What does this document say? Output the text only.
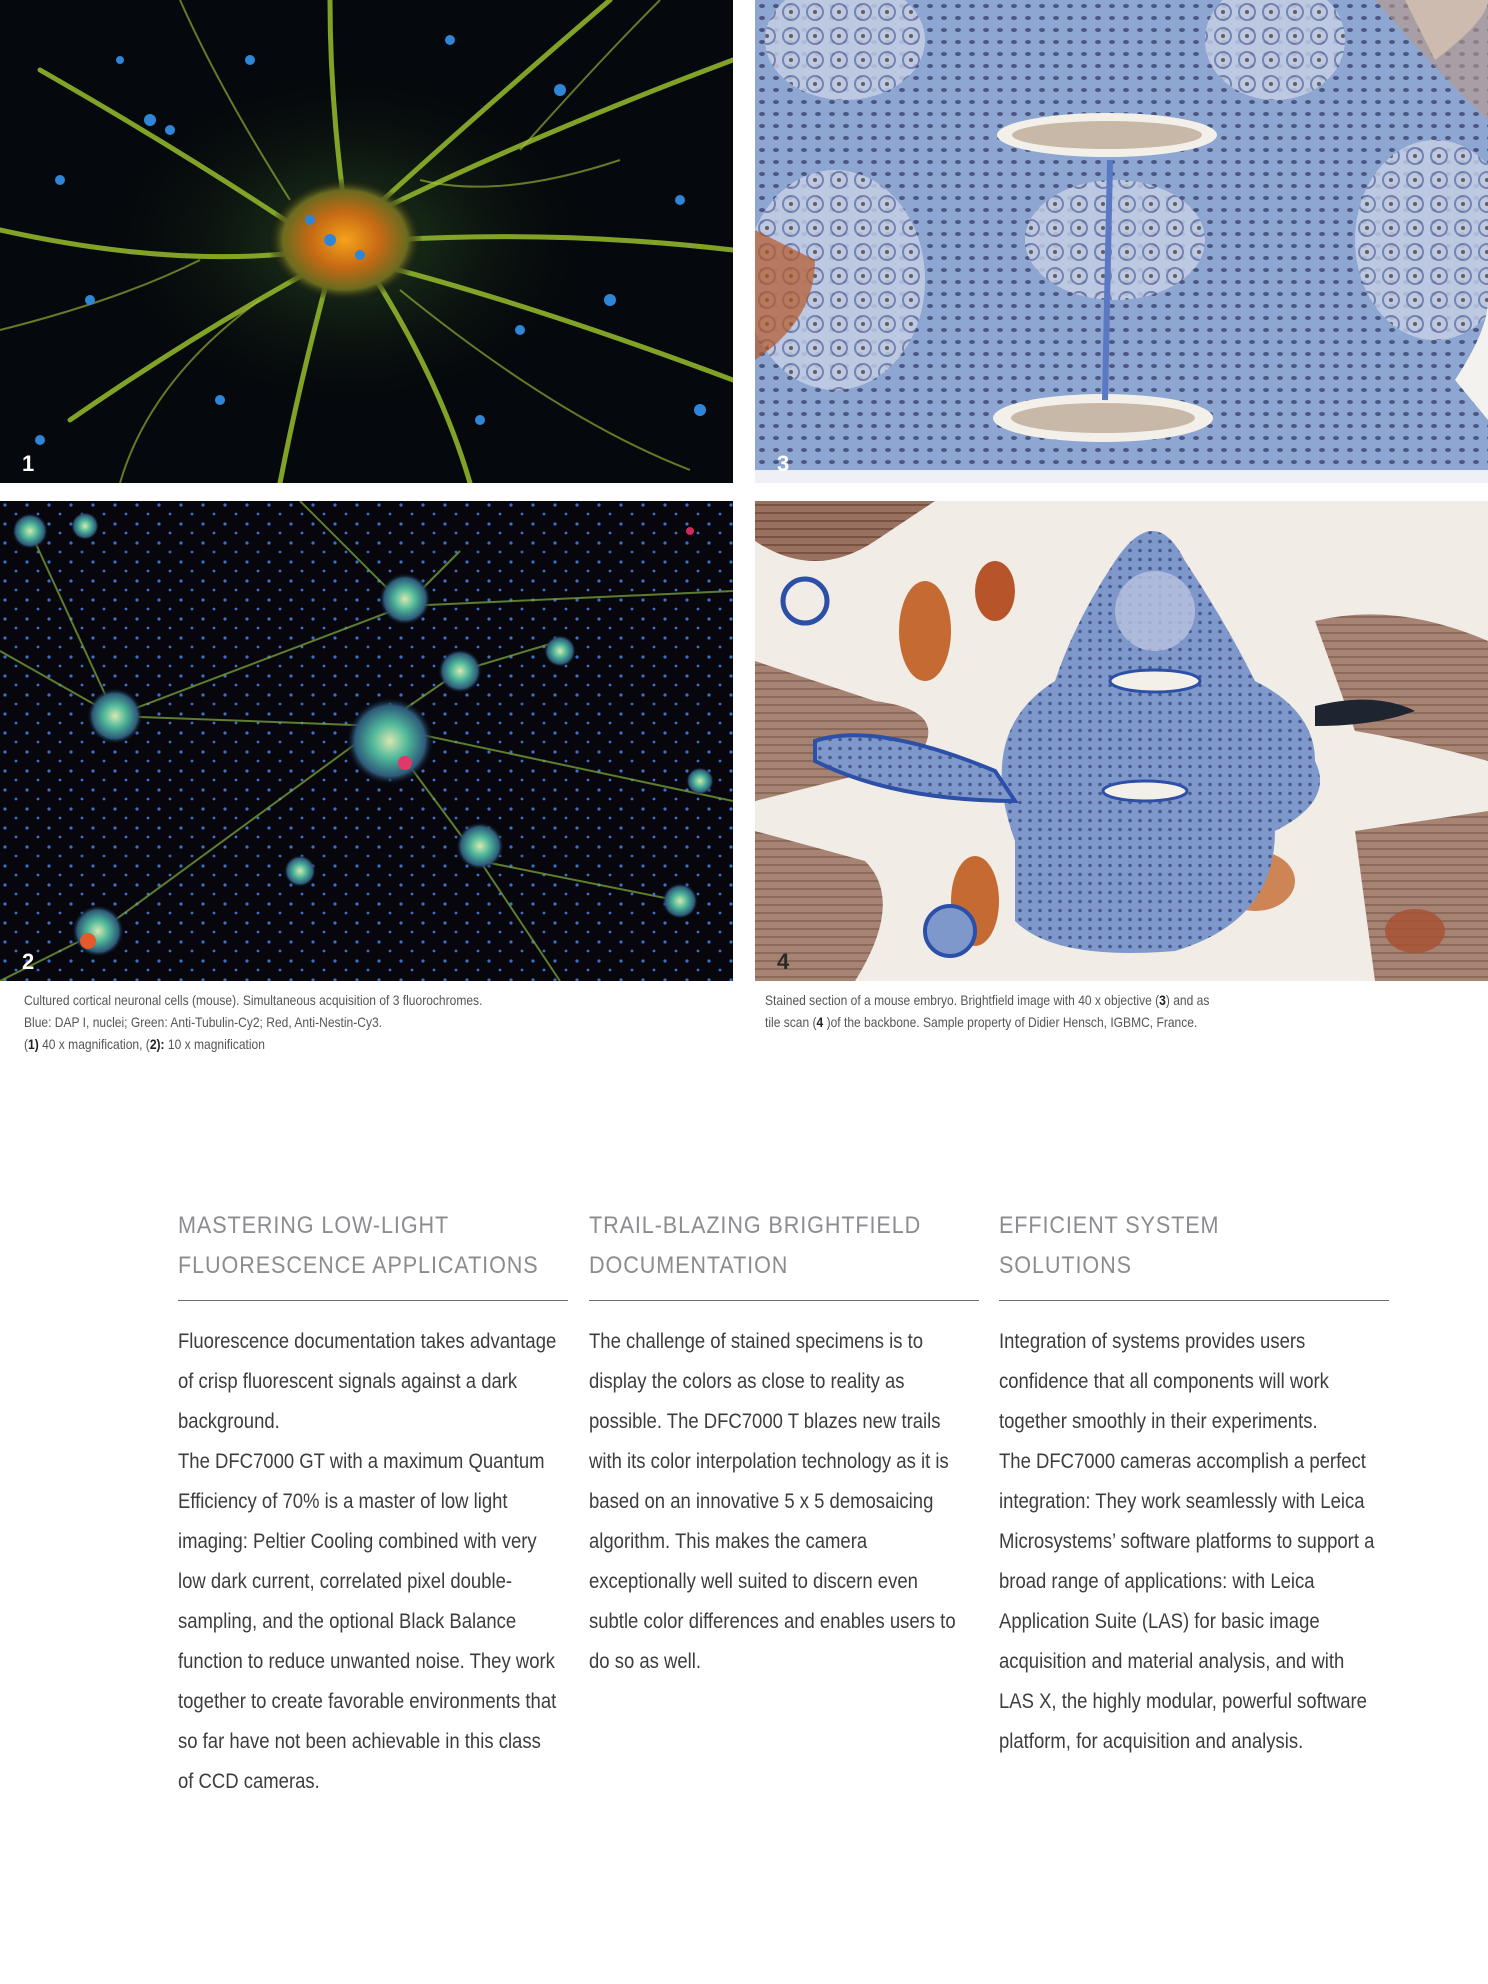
1	3
2	4
Cultured cortical neuronal cells (mouse). Simultaneous acquisition of 3 fluorochromes.
Blue: DAP I, nuclei; Green: Anti-Tubulin-Cy2; Red, Anti-Nestin-Cy3.
(1) 40 x magnification, (2): 10 x magnification
Stained section of a mouse embryo. Brightfield image with 40 x objective (3) and as
tile scan (4 )of the backbone. Sample property of Didier Hensch, IGBMC, France.
MASTERING LOW-LIGHT
FLUORESCENCE APPLICATIONS

Fluorescence documentation takes advantage of crisp fluorescent signals against a dark background.
The DFC7000 GT with a maximum Quantum Efficiency of 70% is a master of low light imaging: Peltier Cooling combined with very low dark current, correlated pixel double-sampling, and the optional Black Balance function to reduce unwanted noise. They work together to create favorable environments that so far have not been achievable in this class of CCD cameras.

TRAIL-BLAZING BRIGHTFIELD
DOCUMENTATION

The challenge of stained specimens is to display the colors as close to reality as possible. The DFC7000 T blazes new trails with its color interpolation technology as it is based on an innovative 5 x 5 demosaicing algorithm. This makes the camera exceptionally well suited to discern even subtle color differences and enables users to do so as well.

EFFICIENT SYSTEM
SOLUTIONS

Integration of systems provides users confidence that all components will work together smoothly in their experiments.
The DFC7000 cameras accomplish a perfect integration: They work seamlessly with Leica Microsystems’ software platforms to support a broad range of applications: with Leica Application Suite (LAS) for basic image acquisition and material analysis, and with LAS X, the highly modular, powerful software platform, for acquisition and analysis.
